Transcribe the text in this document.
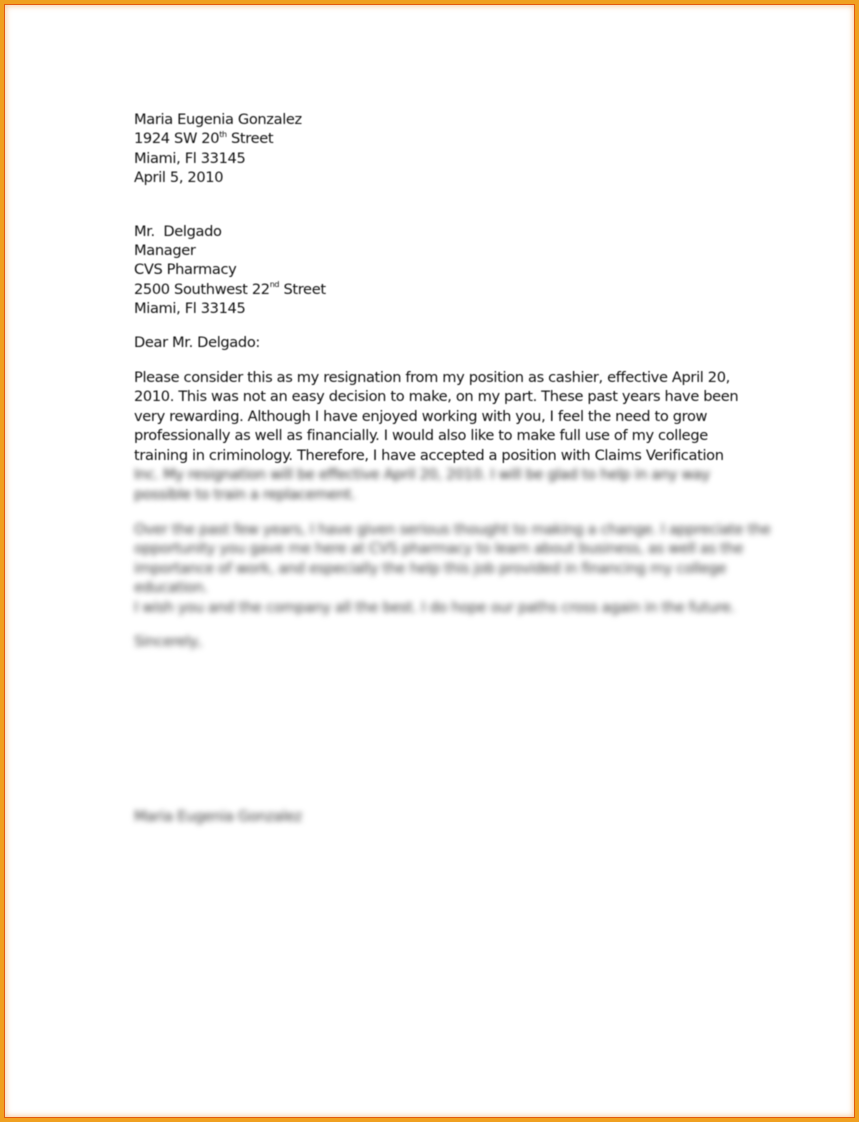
Maria Eugenia Gonzalez
1924 SW 20th Street
Miami, Fl 33145
April 5, 2010
Mr.  Delgado
Manager
CVS Pharmacy
2500 Southwest 22nd Street
Miami, Fl 33145

Dear Mr. Delgado:

Please consider this as my resignation from my position as cashier, effective April 20,
2010. This was not an easy decision to make, on my part. These past years have been
very rewarding. Although I have enjoyed working with you, I feel the need to grow
professionally as well as financially. I would also like to make full use of my college
training in criminology. Therefore, I have accepted a position with Claims Verification
Inc. My resignation will be effective April 20, 2010. I will be glad to help in any way
possible to train a replacement.
Over the past few years, I have given serious thought to making a change. I appreciate the
opportunity you gave me here at CVS pharmacy to learn about business, as well as the
importance of work, and especially the help this job provided in financing my college
education.
I wish you and the company all the best. I do hope our paths cross again in the future.

Sincerely,

Maria Eugenia Gonzalez
